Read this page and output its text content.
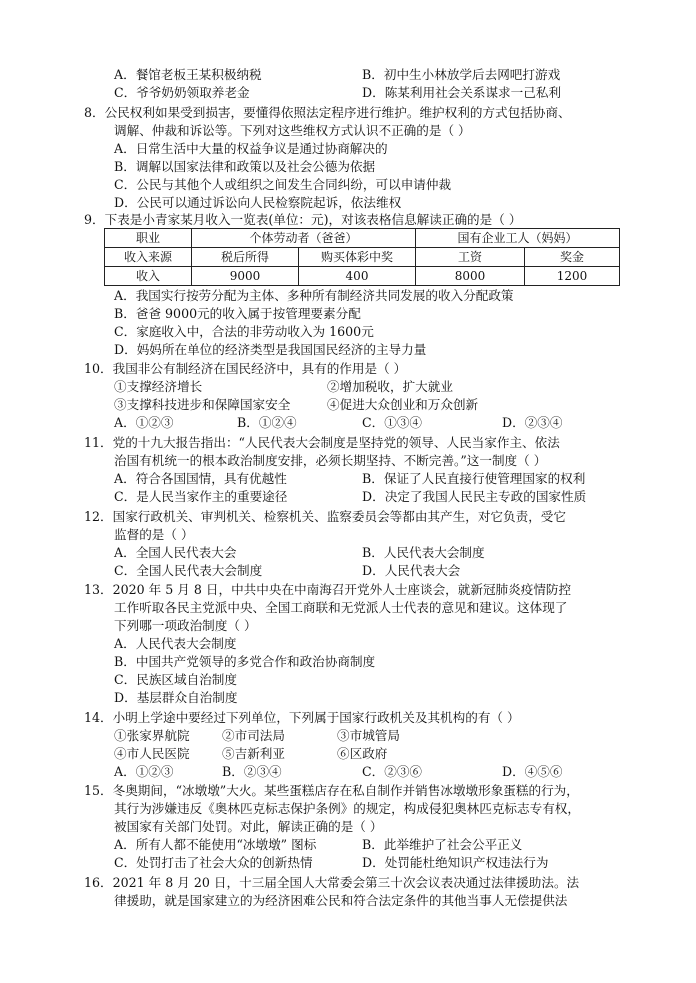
A．餐馆老板王某积极纳税	B．初中生小林放学后去网吧打游戏
C．爷爷奶奶领取养老金	D．陈某利用社会关系谋求一己私利
8．公民权利如果受到损害，要懂得依照法定程序进行维护。维护权利的方式包括协商、
调解、仲裁和诉讼等。下列对这些维权方式认识不正确的是（ ）
A．日常生活中大量的权益争议是通过协商解决的
B．调解以国家法律和政策以及社会公德为依据
C．公民与其他个人或组织之间发生合同纠纷，可以申请仲裁
D．公民可以通过诉讼向人民检察院起诉，依法维权
9．下表是小青家某月收入一览表(单位：元)，对该表格信息解读正确的是（ ）
职业	个体劳动者（爸爸）		国有企业工人（妈妈）	
收入来源	税后所得	购买体彩中奖	工资	奖金
收入	9000	400	8000	1200
A．我国实行按劳分配为主体、多种所有制经济共同发展的收入分配政策
B．爸爸 9000元的收入属于按管理要素分配
C．家庭收入中，合法的非劳动收入为 1600元
D．妈妈所在单位的经济类型是我国国民经济的主导力量
10．我国非公有制经济在国民经济中，具有的作用是（ ）
①支撑经济增长	②增加税收，扩大就业
③支撑科技进步和保障国家安全	④促进大众创业和万众创新
A．①②③	B．①②④	C．①③④	D．②③④
11．党的十九大报告指出：“人民代表大会制度是坚持党的领导、人民当家作主、依法
治国有机统一的根本政治制度安排，必须长期坚持、不断完善。”这一制度（ ）
A．符合各国国情，具有优越性	B．保证了人民直接行使管理国家的权利
C．是人民当家作主的重要途径	D．决定了我国人民民主专政的国家性质
12．国家行政机关、审判机关、检察机关、监察委员会等都由其产生，对它负责，受它
监督的是（ ）
A．全国人民代表大会	B．人民代表大会制度
C．全国人民代表大会制度	D．人民代表大会
13．2020 年 5 月 8 日，中共中央在中南海召开党外人士座谈会，就新冠肺炎疫情防控
工作听取各民主党派中央、全国工商联和无党派人士代表的意见和建议。这体现了
下列哪一项政治制度（ ）
A．人民代表大会制度
B．中国共产党领导的多党合作和政治协商制度
C．民族区域自治制度
D．基层群众自治制度
14．小明上学途中要经过下列单位，下列属于国家行政机关及其机构的有（ ）
①张家界航院	②市司法局	③市城管局
④市人民医院	⑤吉新利亚	⑥区政府
A．①②③	B．②③④	C．②③⑥	D．④⑤⑥
15．冬奥期间，“冰墩墩”大火。某些蛋糕店存在私自制作并销售冰墩墩形象蛋糕的行为，
其行为涉嫌违反《奥林匹克标志保护条例》的规定，构成侵犯奥林匹克标志专有权，
被国家有关部门处罚。对此，解读正确的是（ ）
A．所有人都不能使用“冰墩墩” 图标	B．此举维护了社会公平正义
C．处罚打击了社会大众的创新热情	D．处罚能杜绝知识产权违法行为
16．2021 年 8 月 20 日，十三届全国人大常委会第三十次会议表决通过法律援助法。法
律援助，就是国家建立的为经济困难公民和符合法定条件的其他当事人无偿提供法
